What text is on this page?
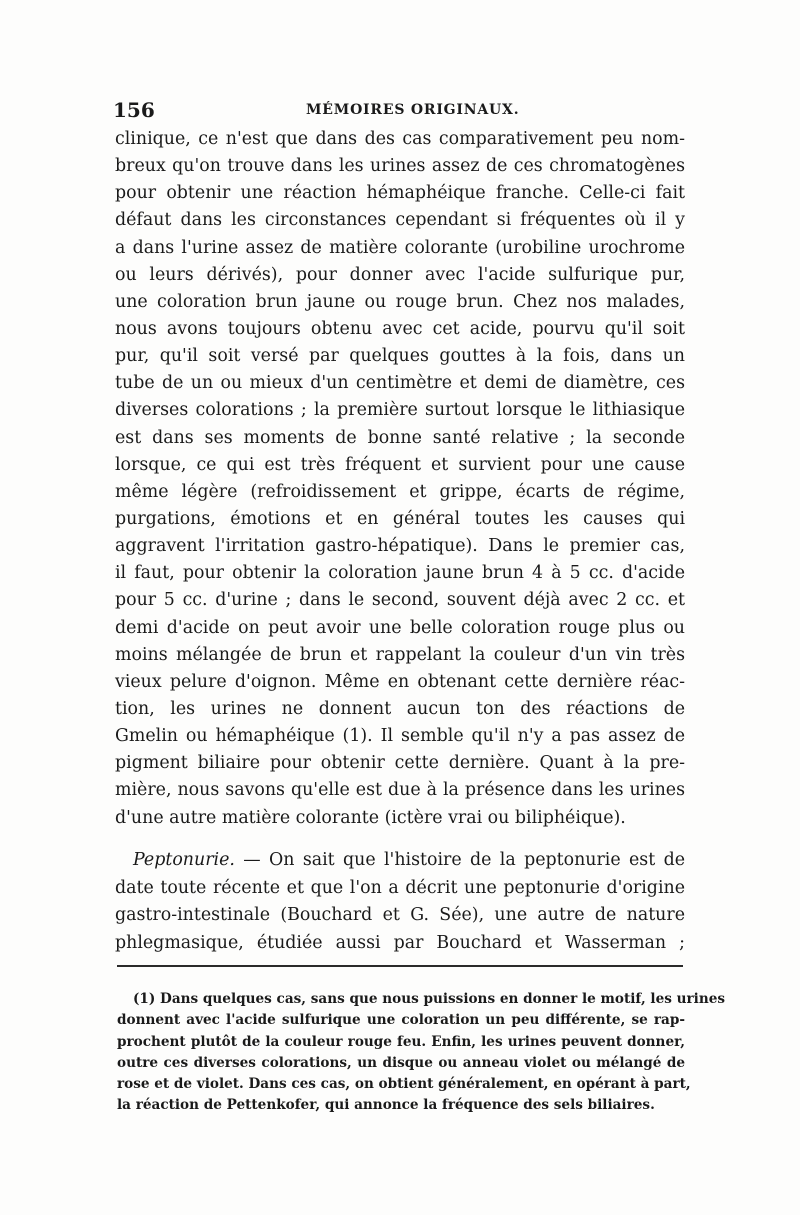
156	MÉMOIRES ORIGINAUX.
clinique, ce n'est que dans des cas comparativement peu nom-
breux qu'on trouve dans les urines assez de ces chromatogènes
pour obtenir une réaction hémaphéique franche. Celle-ci fait
défaut dans les circonstances cependant si fréquentes où il y
a dans l'urine assez de matière colorante (urobiline urochrome
ou leurs dérivés), pour donner avec l'acide sulfurique pur,
une coloration brun jaune ou rouge brun. Chez nos malades,
nous avons toujours obtenu avec cet acide, pourvu qu'il soit
pur, qu'il soit versé par quelques gouttes à la fois, dans un
tube de un ou mieux d'un centimètre et demi de diamètre, ces
diverses colorations ; la première surtout lorsque le lithiasique
est dans ses moments de bonne santé relative ; la seconde
lorsque, ce qui est très fréquent et survient pour une cause
même légère (refroidissement et grippe, écarts de régime,
purgations, émotions et en général toutes les causes qui
aggravent l'irritation gastro-hépatique). Dans le premier cas,
il faut, pour obtenir la coloration jaune brun 4 à 5 cc. d'acide
pour 5 cc. d'urine ; dans le second, souvent déjà avec 2 cc. et
demi d'acide on peut avoir une belle coloration rouge plus ou
moins mélangée de brun et rappelant la couleur d'un vin très
vieux pelure d'oignon. Même en obtenant cette dernière réac-
tion, les urines ne donnent aucun ton des réactions de
Gmelin ou hémaphéique (1). Il semble qu'il n'y a pas assez de
pigment biliaire pour obtenir cette dernière. Quant à la pre-
mière, nous savons qu'elle est due à la présence dans les urines
d'une autre matière colorante (ictère vrai ou biliphéique).
Peptonurie. — On sait que l'histoire de la peptonurie est de
date toute récente et que l'on a décrit une peptonurie d'origine
gastro-intestinale (Bouchard et G. Sée), une autre de nature
phlegmasique, étudiée aussi par Bouchard et Wasserman ;
(1) Dans quelques cas, sans que nous puissions en donner le motif, les urines
donnent avec l'acide sulfurique une coloration un peu différente, se rap-
prochent plutôt de la couleur rouge feu. Enfin, les urines peuvent donner,
outre ces diverses colorations, un disque ou anneau violet ou mélangé de
rose et de violet. Dans ces cas, on obtient généralement, en opérant à part,
la réaction de Pettenkofer, qui annonce la fréquence des sels biliaires.
